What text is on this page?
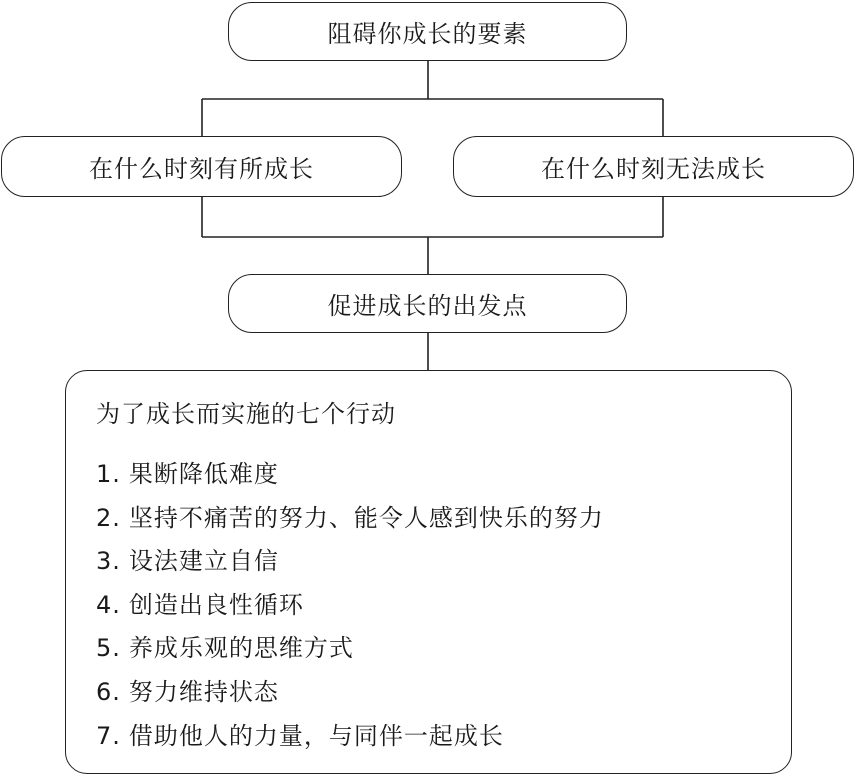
阻碍你成长的要素
在什么时刻有所成长	在什么时刻无法成长
促进成长的出发点
为了成长而实施的七个行动
1. 果断降低难度
2. 坚持不痛苦的努力、能令人感到快乐的努力
3. 设法建立自信
4. 创造出良性循环
5. 养成乐观的思维方式
6. 努力维持状态
7. 借助他人的力量，与同伴一起成长
